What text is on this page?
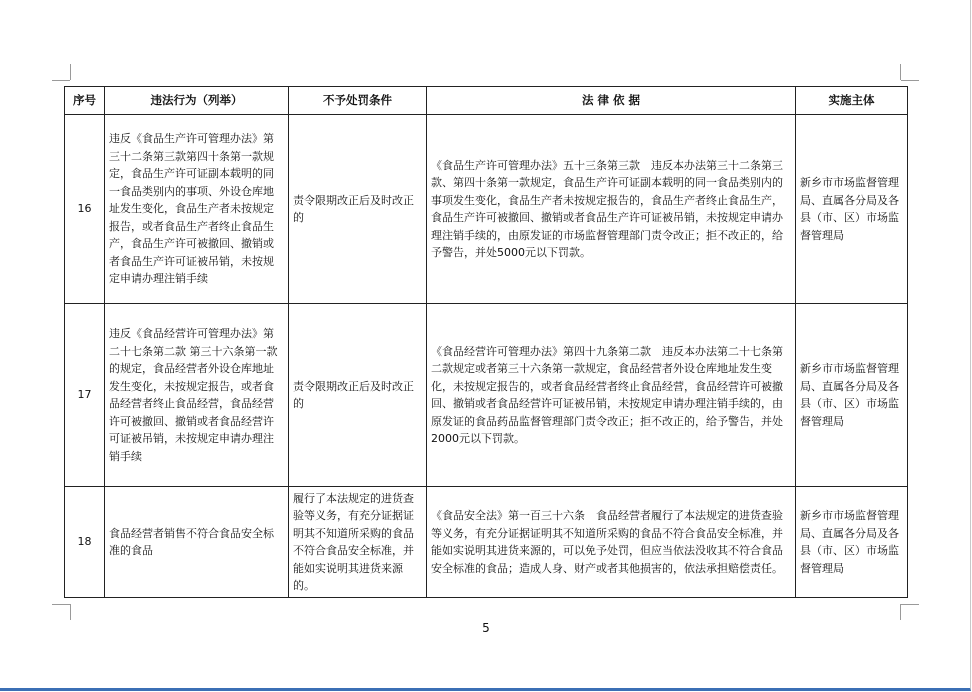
序号	违法行为（列举）	不予处罚条件	法 律 依 据	实施主体
16	违反《食品生产许可管理办法》第三十二条第三款第四十条第一款规定，食品生产许可证副本载明的同一食品类别内的事项、外设仓库地址发生变化，食品生产者未按规定报告，或者食品生产者终止食品生产，食品生产许可被撤回、撤销或者食品生产许可证被吊销，未按规定申请办理注销手续	责令限期改正后及时改正的	《食品生产许可管理办法》五十三条第三款　违反本办法第三十二条第三款、第四十条第一款规定，食品生产许可证副本载明的同一食品类别内的事项发生变化，食品生产者未按规定报告的，食品生产者终止食品生产，食品生产许可被撤回、撤销或者食品生产许可证被吊销，未按规定申请办理注销手续的，由原发证的市场监督管理部门责令改正；拒不改正的，给予警告，并处5000元以下罚款。	新乡市市场监督管理局、直属各分局及各县（市、区）市场监督管理局
17	违反《食品经营许可管理办法》第二十七条第二款 第三十六条第一款的规定，食品经营者外设仓库地址发生变化，未按规定报告，或者食品经营者终止食品经营，食品经营许可被撤回、撤销或者食品经营许可证被吊销，未按规定申请办理注销手续	责令限期改正后及时改正的	《食品经营许可管理办法》第四十九条第二款　违反本办法第二十七条第二款规定或者第三十六条第一款规定，食品经营者外设仓库地址发生变化，未按规定报告的，或者食品经营者终止食品经营，食品经营许可被撤回、撤销或者食品经营许可证被吊销，未按规定申请办理注销手续的，由原发证的食品药品监督管理部门责令改正；拒不改正的，给予警告，并处2000元以下罚款。	新乡市市场监督管理局、直属各分局及各县（市、区）市场监督管理局
18	食品经营者销售不符合食品安全标准的食品	履行了本法规定的进货查验等义务，有充分证据证明其不知道所采购的食品不符合食品安全标准，并能如实说明其进货来源的。	《食品安全法》第一百三十六条　食品经营者履行了本法规定的进货查验等义务，有充分证据证明其不知道所采购的食品不符合食品安全标准，并能如实说明其进货来源的，可以免予处罚，但应当依法没收其不符合食品安全标准的食品；造成人身、财产或者其他损害的，依法承担赔偿责任。	新乡市市场监督管理局、直属各分局及各县（市、区）市场监督管理局
5
